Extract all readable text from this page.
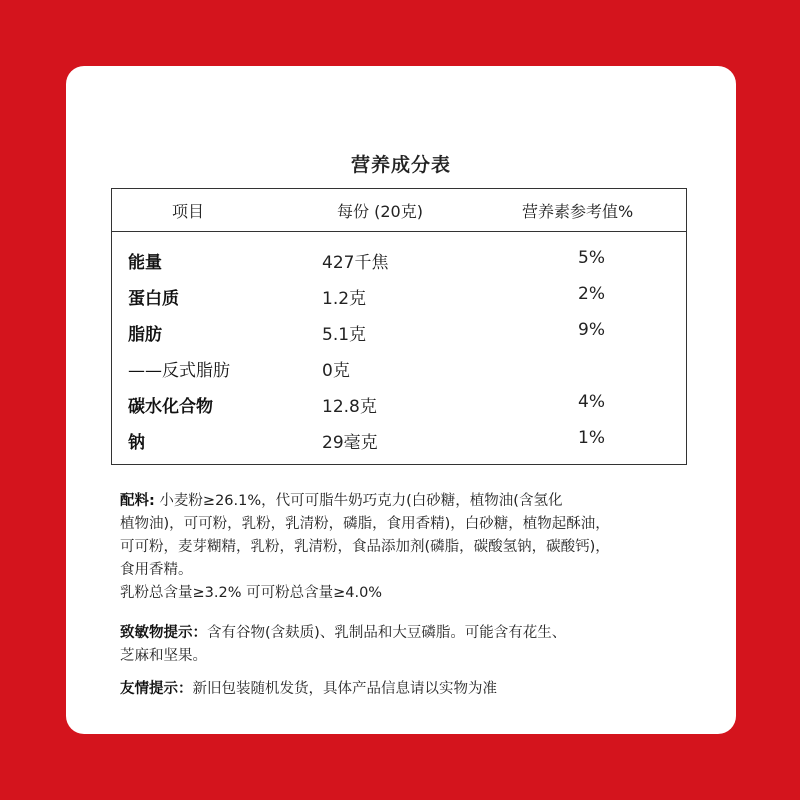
营养成分表
项目	每份 (20克)	营养素参考值%
能量	427千焦	5%
蛋白质	1.2克	2%
脂肪	5.1克	9%
——反式脂肪	0克
碳水化合物	12.8克	4%
钠	29毫克	1%
配料: 小麦粉≥26.1%，代可可脂牛奶巧克力(白砂糖，植物油(含氢化
植物油)，可可粉，乳粉，乳清粉，磷脂，食用香精)，白砂糖，植物起酥油，
可可粉，麦芽糊精，乳粉，乳清粉，食品添加剂(磷脂，碳酸氢钠，碳酸钙)，
食用香精。
乳粉总含量≥3.2% 可可粉总含量≥4.0%
致敏物提示：含有谷物(含麸质)、乳制品和大豆磷脂。可能含有花生、
芝麻和坚果。
友情提示：新旧包装随机发货，具体产品信息请以实物为准
